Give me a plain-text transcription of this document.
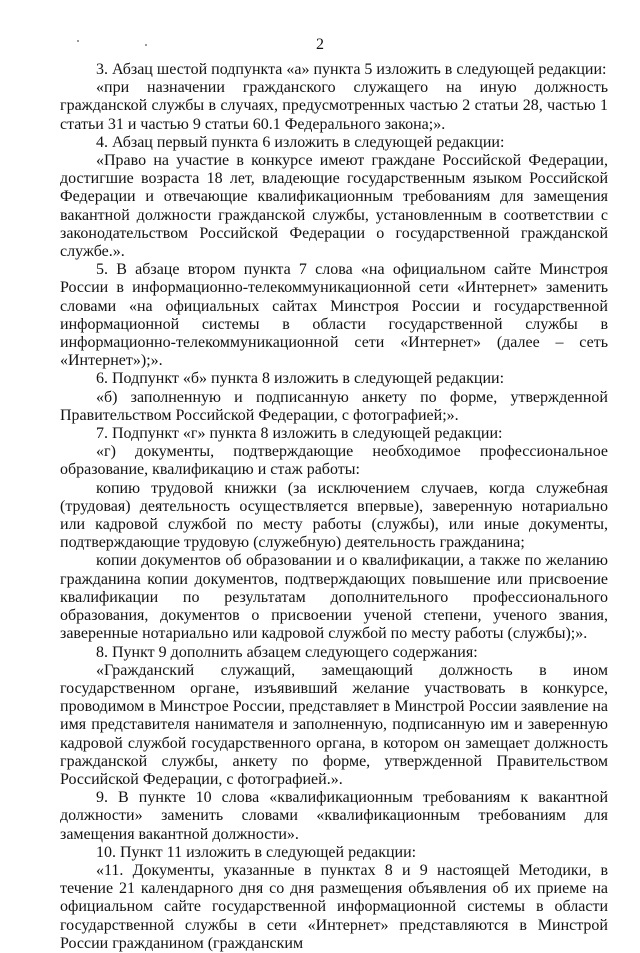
2

3. Абзац шестой подпункта «а» пункта 5 изложить в следующей редакции:

«при назначении гражданского служащего на иную должность гражданской службы в случаях, предусмотренных частью 2 статьи 28, частью 1 статьи 31 и частью 9 статьи 60.1 Федерального закона;».

4. Абзац первый пункта 6 изложить в следующей редакции:

«Право на участие в конкурсе имеют граждане Российской Федерации, достигшие возраста 18 лет, владеющие государственным языком Российской Федерации и отвечающие квалификационным требованиям для замещения вакантной должности гражданской службы, установленным в соответствии с законодательством Российской Федерации о государственной гражданской службе.».

5. В абзаце втором пункта 7 слова «на официальном сайте Минстроя России в информационно-телекоммуникационной сети «Интернет» заменить словами «на официальных сайтах Минстроя России и государственной информационной системы в области государственной службы в информационно-телекоммуникационной сети «Интернет» (далее – сеть «Интернет»);».

6. Подпункт «б» пункта 8 изложить в следующей редакции:

«б) заполненную и подписанную анкету по форме, утвержденной Правительством Российской Федерации, с фотографией;».

7. Подпункт «г» пункта 8 изложить в следующей редакции:

«г) документы, подтверждающие необходимое профессиональное образование, квалификацию и стаж работы:

копию трудовой книжки (за исключением случаев, когда служебная (трудовая) деятельность осуществляется впервые), заверенную нотариально или кадровой службой по месту работы (службы), или иные документы, подтверждающие трудовую (служебную) деятельность гражданина;

копии документов об образовании и о квалификации, а также по желанию гражданина копии документов, подтверждающих повышение или присвоение квалификации по результатам дополнительного профессионального образования, документов о присвоении ученой степени, ученого звания, заверенные нотариально или кадровой службой по месту работы (службы);».

8. Пункт 9 дополнить абзацем следующего содержания:

«Гражданский служащий, замещающий должность в ином государственном органе, изъявивший желание участвовать в конкурсе, проводимом в Минстрое России, представляет в Минстрой России заявление на имя представителя нанимателя и заполненную, подписанную им и заверенную кадровой службой государственного органа, в котором он замещает должность гражданской службы, анкету по форме, утвержденной Правительством Российской Федерации, с фотографией.».

9. В пункте 10 слова «квалификационным требованиям к вакантной должности» заменить словами «квалификационным требованиям для замещения вакантной должности».

10. Пункт 11 изложить в следующей редакции:

«11. Документы, указанные в пунктах 8 и 9 настоящей Методики, в течение 21 календарного дня со дня размещения объявления об их приеме на официальном сайте государственной информационной системы в области государственной службы в сети «Интернет» представляются в Минстрой России гражданином (гражданским
